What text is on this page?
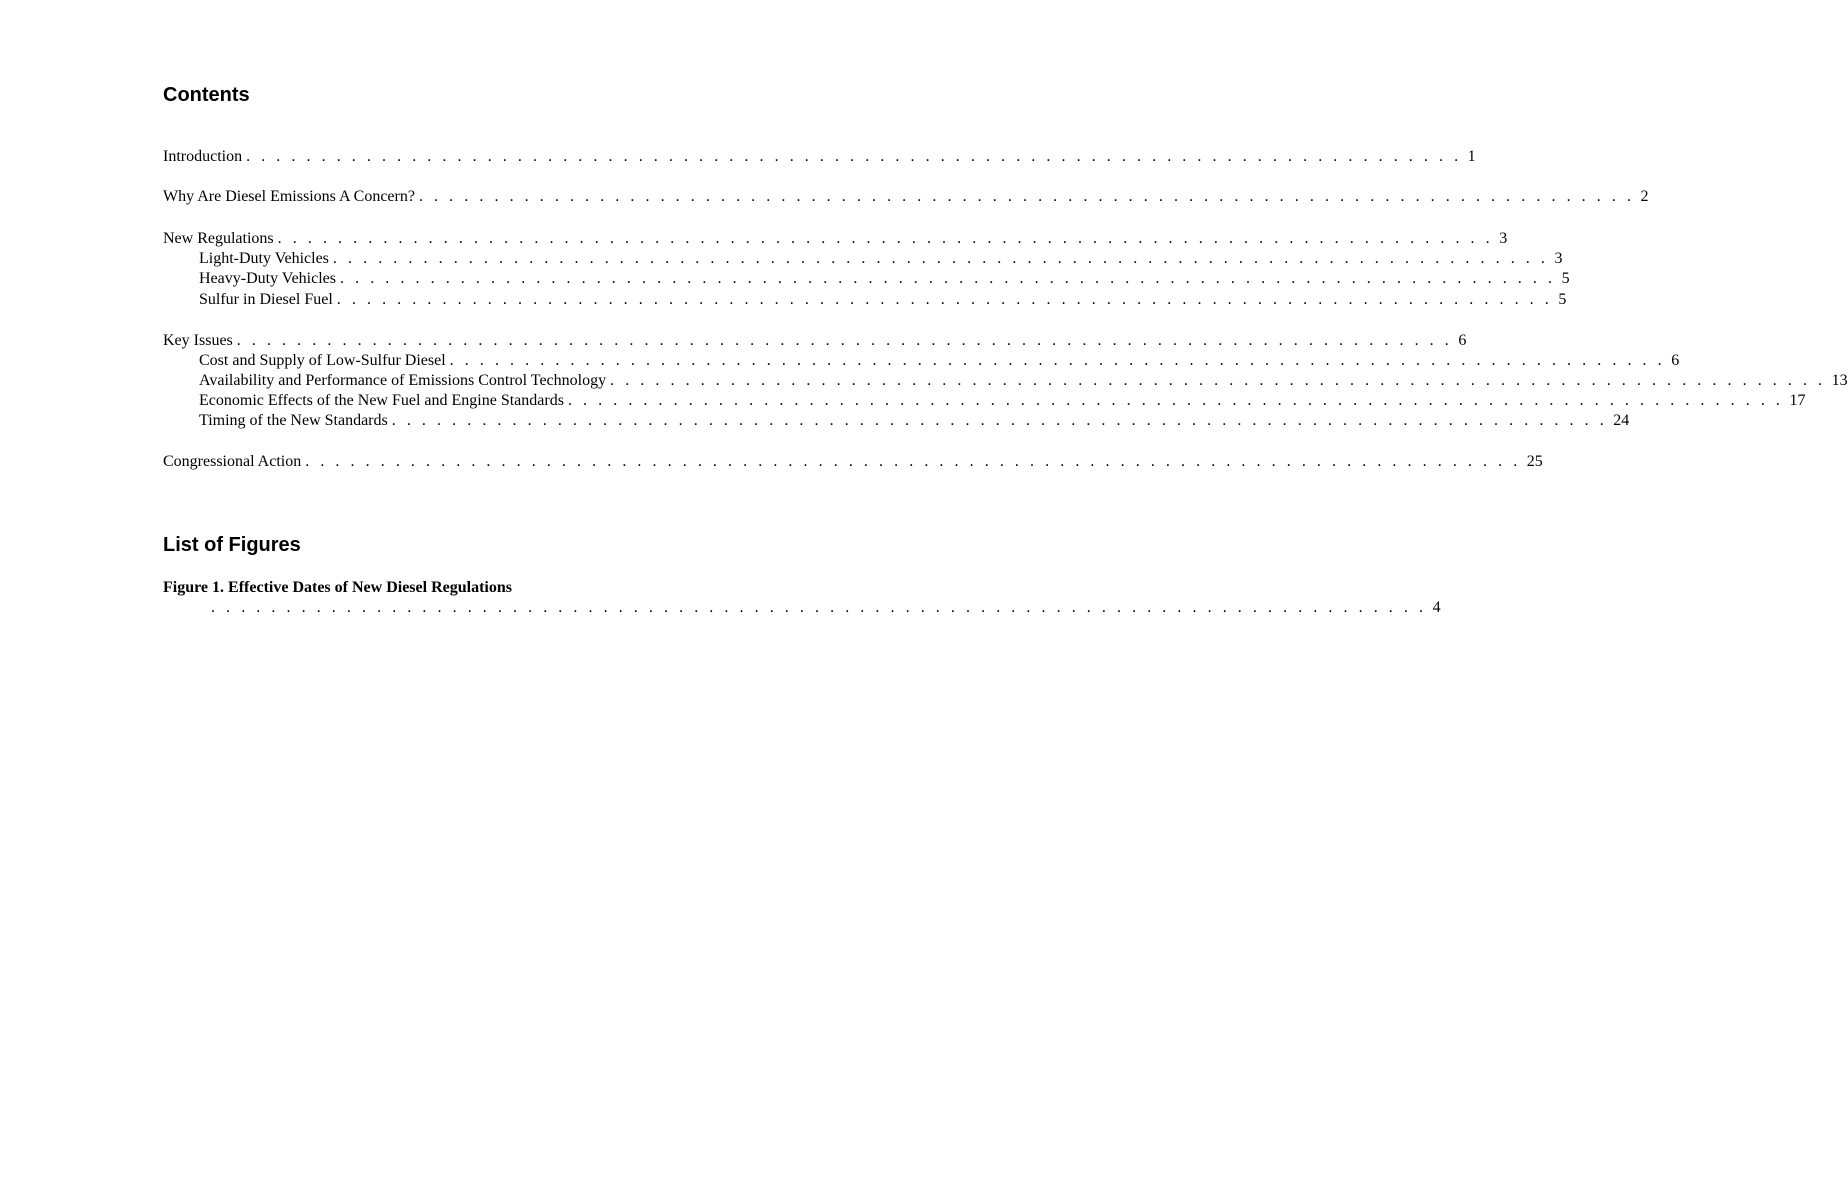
Contents
Introduction . . . . . . . . . . . . . . . . . . . . . . . . . . . . . . . . . . . . . . . . . . . . . . . . . . . . . . . . . . . . . . . . . . . . . . . . . . . . . . . . . 1
Why Are Diesel Emissions A Concern? . . . . . . . . . . . . . . . . . . . . . . . . . . . . . . . . . . . . . . . . . . . . . . . . . . . . . . . . . . . . . . . . . . . . . . . . . . . . . . . . . 2
New Regulations . . . . . . . . . . . . . . . . . . . . . . . . . . . . . . . . . . . . . . . . . . . . . . . . . . . . . . . . . . . . . . . . . . . . . . . . . . . . . . . . . 3
Light-Duty Vehicles . . . . . . . . . . . . . . . . . . . . . . . . . . . . . . . . . . . . . . . . . . . . . . . . . . . . . . . . . . . . . . . . . . . . . . . . . . . . . . . . . 3
Heavy-Duty Vehicles . . . . . . . . . . . . . . . . . . . . . . . . . . . . . . . . . . . . . . . . . . . . . . . . . . . . . . . . . . . . . . . . . . . . . . . . . . . . . . . . . 5
Sulfur in Diesel Fuel . . . . . . . . . . . . . . . . . . . . . . . . . . . . . . . . . . . . . . . . . . . . . . . . . . . . . . . . . . . . . . . . . . . . . . . . . . . . . . . . . 5
Key Issues . . . . . . . . . . . . . . . . . . . . . . . . . . . . . . . . . . . . . . . . . . . . . . . . . . . . . . . . . . . . . . . . . . . . . . . . . . . . . . . . . 6
Cost and Supply of Low-Sulfur Diesel . . . . . . . . . . . . . . . . . . . . . . . . . . . . . . . . . . . . . . . . . . . . . . . . . . . . . . . . . . . . . . . . . . . . . . . . . . . . . . . . . 6
Availability and Performance of Emissions Control Technology . . . . . . . . . . . . . . . . . . . . . . . . . . . . . . . . . . . . . . . . . . . . . . . . . . . . . . . . . . . . . . . . . . . . . . . . . . . . . . . . . 13
Economic Effects of the New Fuel and Engine Standards . . . . . . . . . . . . . . . . . . . . . . . . . . . . . . . . . . . . . . . . . . . . . . . . . . . . . . . . . . . . . . . . . . . . . . . . . . . . . . . . . 17
Timing of the New Standards . . . . . . . . . . . . . . . . . . . . . . . . . . . . . . . . . . . . . . . . . . . . . . . . . . . . . . . . . . . . . . . . . . . . . . . . . . . . . . . . . 24
Congressional Action . . . . . . . . . . . . . . . . . . . . . . . . . . . . . . . . . . . . . . . . . . . . . . . . . . . . . . . . . . . . . . . . . . . . . . . . . . . . . . . . . 25
List of Figures
Figure 1. Effective Dates of New Diesel Regulations
. . . . . . . . . . . . . . . . . . . . . . . . . . . . . . . . . . . . . . . . . . . . . . . . . . . . . . . . . . . . . . . . . . . . . . . . . . . . . . . . . 4
